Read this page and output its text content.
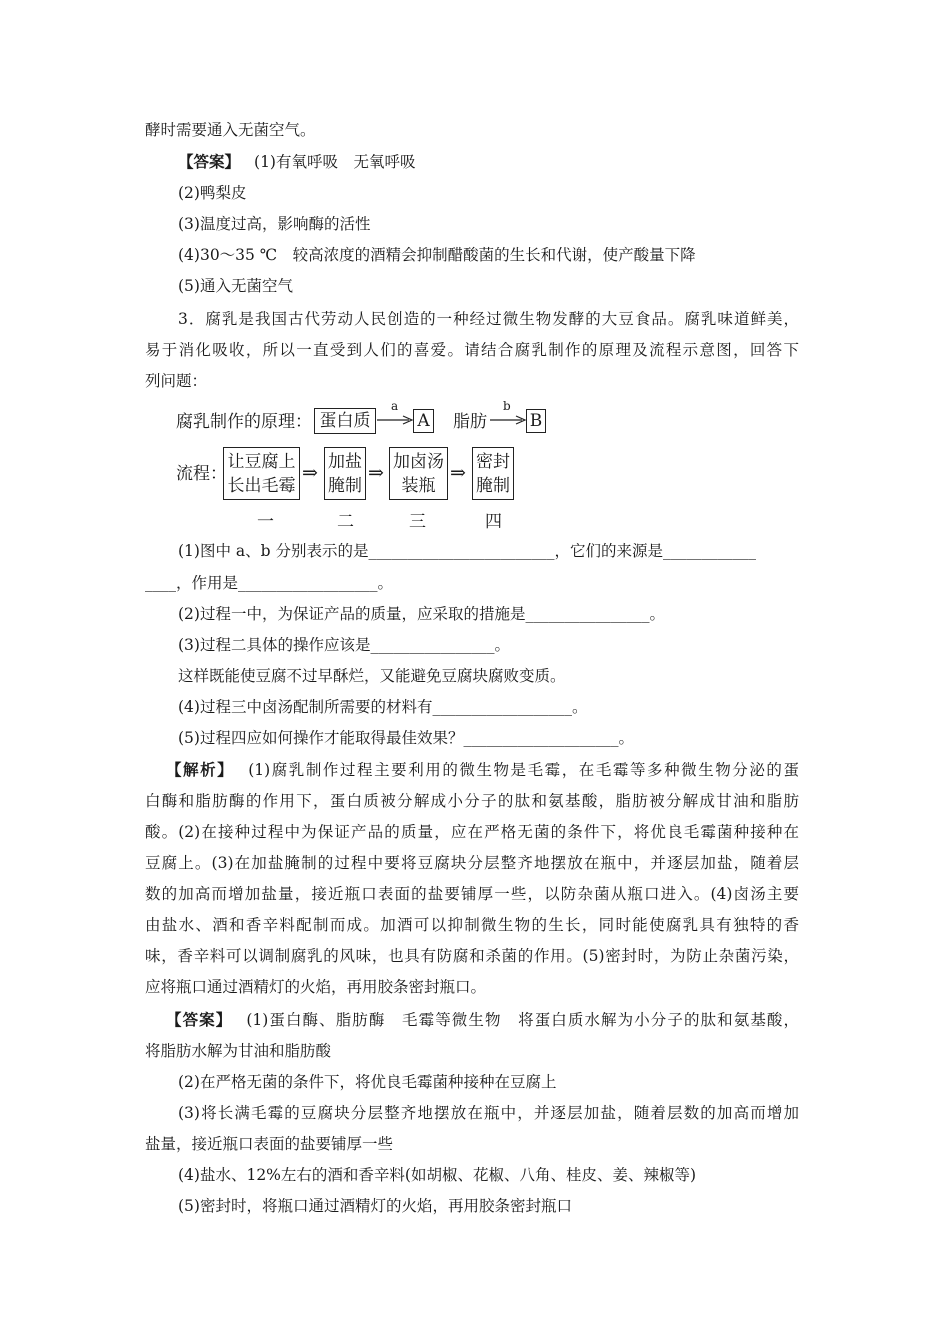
酵时需要通入无菌空气。
【答案】 (1)有氧呼吸　无氧呼吸
(2)鸭梨皮
(3)温度过高，影响酶的活性
(4)30～35 ℃　较高浓度的酒精会抑制醋酸菌的生长和代谢，使产酸量下降
(5)通入无菌空气
3．腐乳是我国古代劳动人民创造的一种经过微生物发酵的大豆食品。腐乳味道鲜美，
易于消化吸收，所以一直受到人们的喜爱。请结合腐乳制作的原理及流程示意图，回答下
列问题：
腐乳制作的原理： 蛋白质
a
A 脂肪
b
B
流程：
让豆腐上
长出毛霉
⇒
加盐
腌制
⇒
加卤汤
装瓶
⇒
密封
腌制
一	二	三	四
(1)图中 a、b 分别表示的是________________________，它们的来源是____________
____，作用是__________________。
(2)过程一中，为保证产品的质量，应采取的措施是________________。
(3)过程二具体的操作应该是________________。
这样既能使豆腐不过早酥烂，又能避免豆腐块腐败变质。
(4)过程三中卤汤配制所需要的材料有__________________。
(5)过程四应如何操作才能取得最佳效果？____________________。
【解析】 (1)腐乳制作过程主要利用的微生物是毛霉，在毛霉等多种微生物分泌的蛋
白酶和脂肪酶的作用下，蛋白质被分解成小分子的肽和氨基酸，脂肪被分解成甘油和脂肪
酸。(2)在接种过程中为保证产品的质量，应在严格无菌的条件下，将优良毛霉菌种接种在
豆腐上。(3)在加盐腌制的过程中要将豆腐块分层整齐地摆放在瓶中，并逐层加盐，随着层
数的加高而增加盐量，接近瓶口表面的盐要铺厚一些，以防杂菌从瓶口进入。(4)卤汤主要
由盐水、酒和香辛料配制而成。加酒可以抑制微生物的生长，同时能使腐乳具有独特的香
味，香辛料可以调制腐乳的风味，也具有防腐和杀菌的作用。(5)密封时，为防止杂菌污染，
应将瓶口通过酒精灯的火焰，再用胶条密封瓶口。
【答案】 (1)蛋白酶、脂肪酶　毛霉等微生物　将蛋白质水解为小分子的肽和氨基酸，
将脂肪水解为甘油和脂肪酸
(2)在严格无菌的条件下，将优良毛霉菌种接种在豆腐上
(3)将长满毛霉的豆腐块分层整齐地摆放在瓶中，并逐层加盐，随着层数的加高而增加
盐量，接近瓶口表面的盐要铺厚一些
(4)盐水、12%左右的酒和香辛料(如胡椒、花椒、八角、桂皮、姜、辣椒等)
(5)密封时，将瓶口通过酒精灯的火焰，再用胶条密封瓶口
